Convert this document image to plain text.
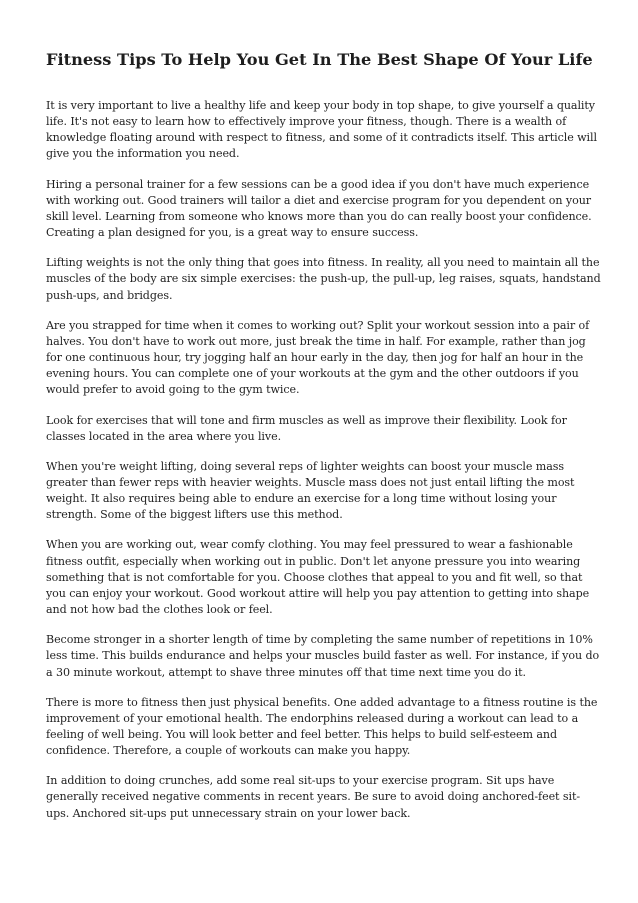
Fitness Tips To Help You Get In The Best Shape Of Your Life

It is very important to live a healthy life and keep your body in top shape, to give yourself a quality life. It's not easy to learn how to effectively improve your fitness, though. There is a wealth of knowledge floating around with respect to fitness, and some of it contradicts itself. This article will give you the information you need.

Hiring a personal trainer for a few sessions can be a good idea if you don't have much experience with working out. Good trainers will tailor a diet and exercise program for you dependent on your skill level. Learning from someone who knows more than you do can really boost your confidence. Creating a plan designed for you, is a great way to ensure success.

Lifting weights is not the only thing that goes into fitness. In reality, all you need to maintain all the muscles of the body are six simple exercises: the push-up, the pull-up, leg raises, squats, handstand push-ups, and bridges.

Are you strapped for time when it comes to working out? Split your workout session into a pair of halves. You don't have to work out more, just break the time in half. For example, rather than jog for one continuous hour, try jogging half an hour early in the day, then jog for half an hour in the evening hours. You can complete one of your workouts at the gym and the other outdoors if you would prefer to avoid going to the gym twice.

Look for exercises that will tone and firm muscles as well as improve their flexibility. Look for classes located in the area where you live.

When you're weight lifting, doing several reps of lighter weights can boost your muscle mass greater than fewer reps with heavier weights. Muscle mass does not just entail lifting the most weight. It also requires being able to endure an exercise for a long time without losing your strength. Some of the biggest lifters use this method.

When you are working out, wear comfy clothing. You may feel pressured to wear a fashionable fitness outfit, especially when working out in public. Don't let anyone pressure you into wearing something that is not comfortable for you. Choose clothes that appeal to you and fit well, so that you can enjoy your workout. Good workout attire will help you pay attention to getting into shape and not how bad the clothes look or feel.

Become stronger in a shorter length of time by completing the same number of repetitions in 10% less time. This builds endurance and helps your muscles build faster as well. For instance, if you do a 30 minute workout, attempt to shave three minutes off that time next time you do it.

There is more to fitness then just physical benefits. One added advantage to a fitness routine is the improvement of your emotional health. The endorphins released during a workout can lead to a feeling of well being. You will look better and feel better. This helps to build self-esteem and confidence. Therefore, a couple of workouts can make you happy.

In addition to doing crunches, add some real sit-ups to your exercise program. Sit ups have generally received negative comments in recent years. Be sure to avoid doing anchored-feet sit-ups. Anchored sit-ups put unnecessary strain on your lower back.
